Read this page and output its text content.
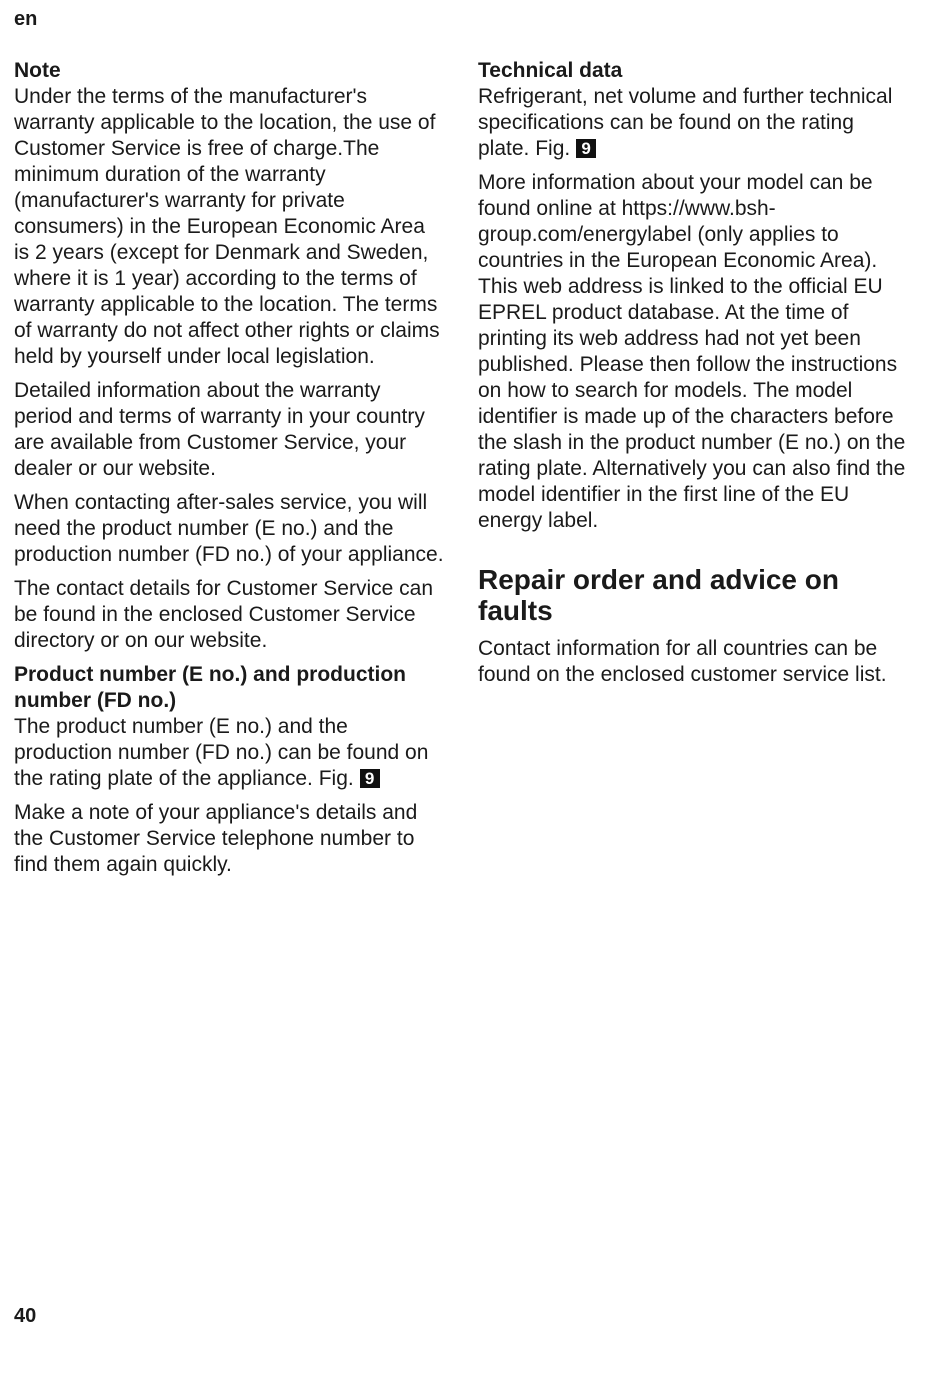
en
Note

Under the terms of the manufacturer's warranty applicable to the location, the use of Customer Service is free of charge.The minimum duration of the warranty (manufacturer's warranty for private consumers) in the European Economic Area is 2 years (except for Denmark and Sweden, where it is 1 year) according to the terms of warranty applicable to the location. The terms of warranty do not affect other rights or claims held by yourself under local legislation.

Detailed information about the warranty period and terms of warranty in your country are available from Customer Service, your dealer or our website.

When contacting after-sales service, you will need the product number (E no.) and the production number (FD no.) of your appliance.

The contact details for Customer Service can be found in the enclosed Customer Service directory or on our website.

Product number (E no.) and production number (FD no.)

The product number (E no.) and the production number (FD no.) can be found on the rating plate of the appliance. Fig. 9

Make a note of your appliance's details and the Customer Service telephone number to find them again quickly.

Technical data

Refrigerant, net volume and further technical specifications can be found on the rating plate. Fig. 9

More information about your model can be found online at https://www.bsh-group.com/energylabel (only applies to countries in the European Economic Area). This web address is linked to the official EU EPREL product database. At the time of printing its web address had not yet been published. Please then follow the instructions on how to search for models. The model identifier is made up of the characters before the slash in the product number (E no.) on the rating plate. Alternatively you can also find the model identifier in the first line of the EU energy label.

Repair order and advice on faults

Contact information for all countries can be found on the enclosed customer service list.

40
